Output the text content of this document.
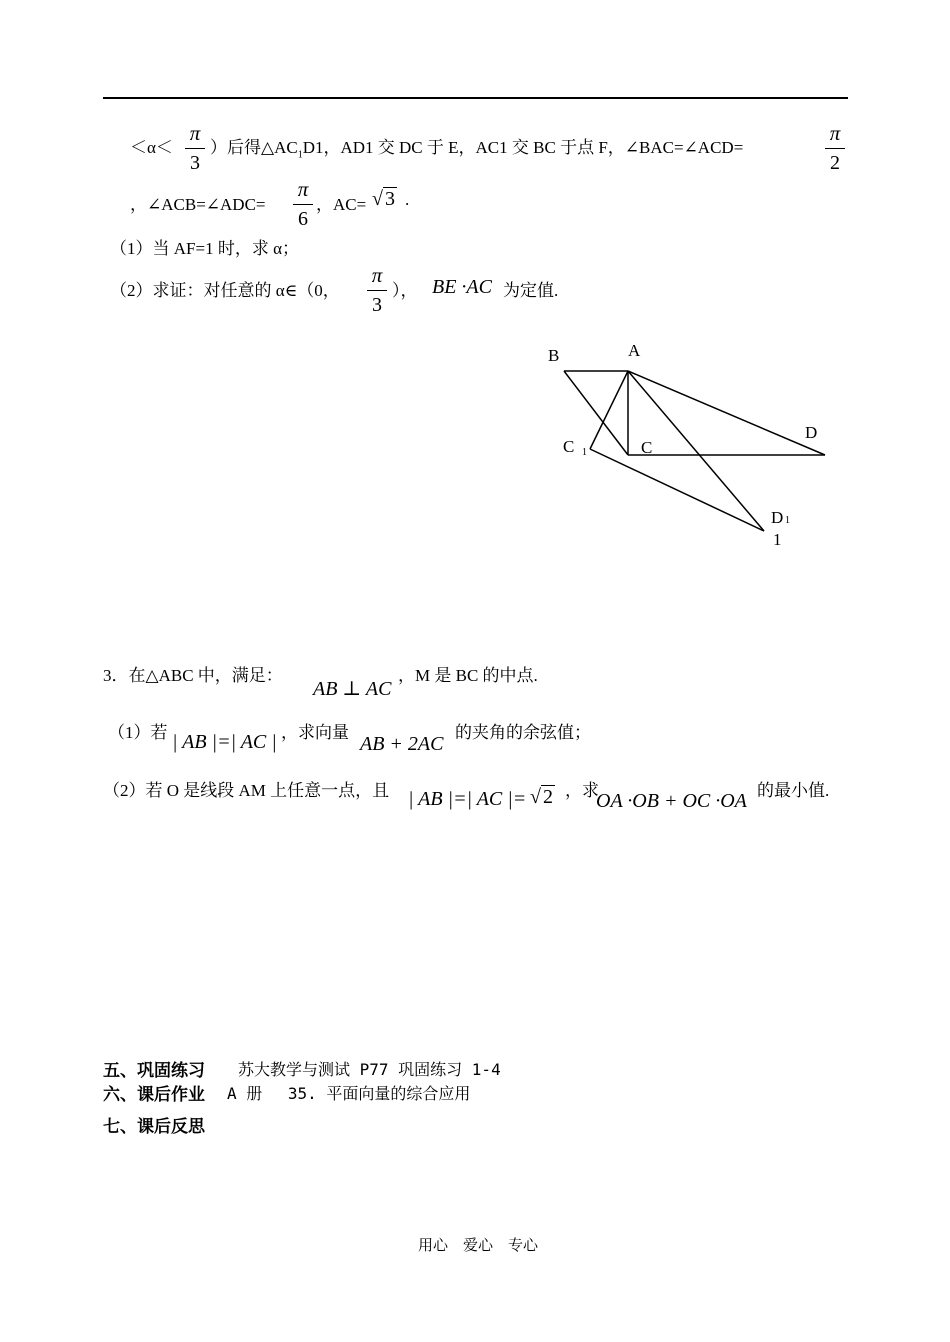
＜α＜
π
3
）后得$\triangle AC_1D1$，AD1 交 DC 于 E，AC1 交 BC 于点 F，∠BAC=∠ACD=
π
2
，∠ACB=∠ADC=
π
6
，AC= √ 3 .
（1）当 AF=1 时，求 α；
（2）求证：对任意的 α∈（0，
π
3
）， BE ·AC 为定值.
B	A
C 1	C
D
D 1
1
3．在△ABC 中，满足：
AB ⊥ AC
，M 是 BC 的中点.
（1）若 | AB |=| AC | ，求向量
AB + 2AC
的夹角的余弦值；
（2）若 O 是线段 AM 上任意一点，且 | AB |=| AC |= √ 2 ，求
OA ·OB + OC ·OA 的最小值.
五、巩固练习 苏大教学与测试 P77 巩固练习 1-4
六、课后作业 A 册　 35. 平面向量的综合应用
七、课后反思
用心　爱心　专心
